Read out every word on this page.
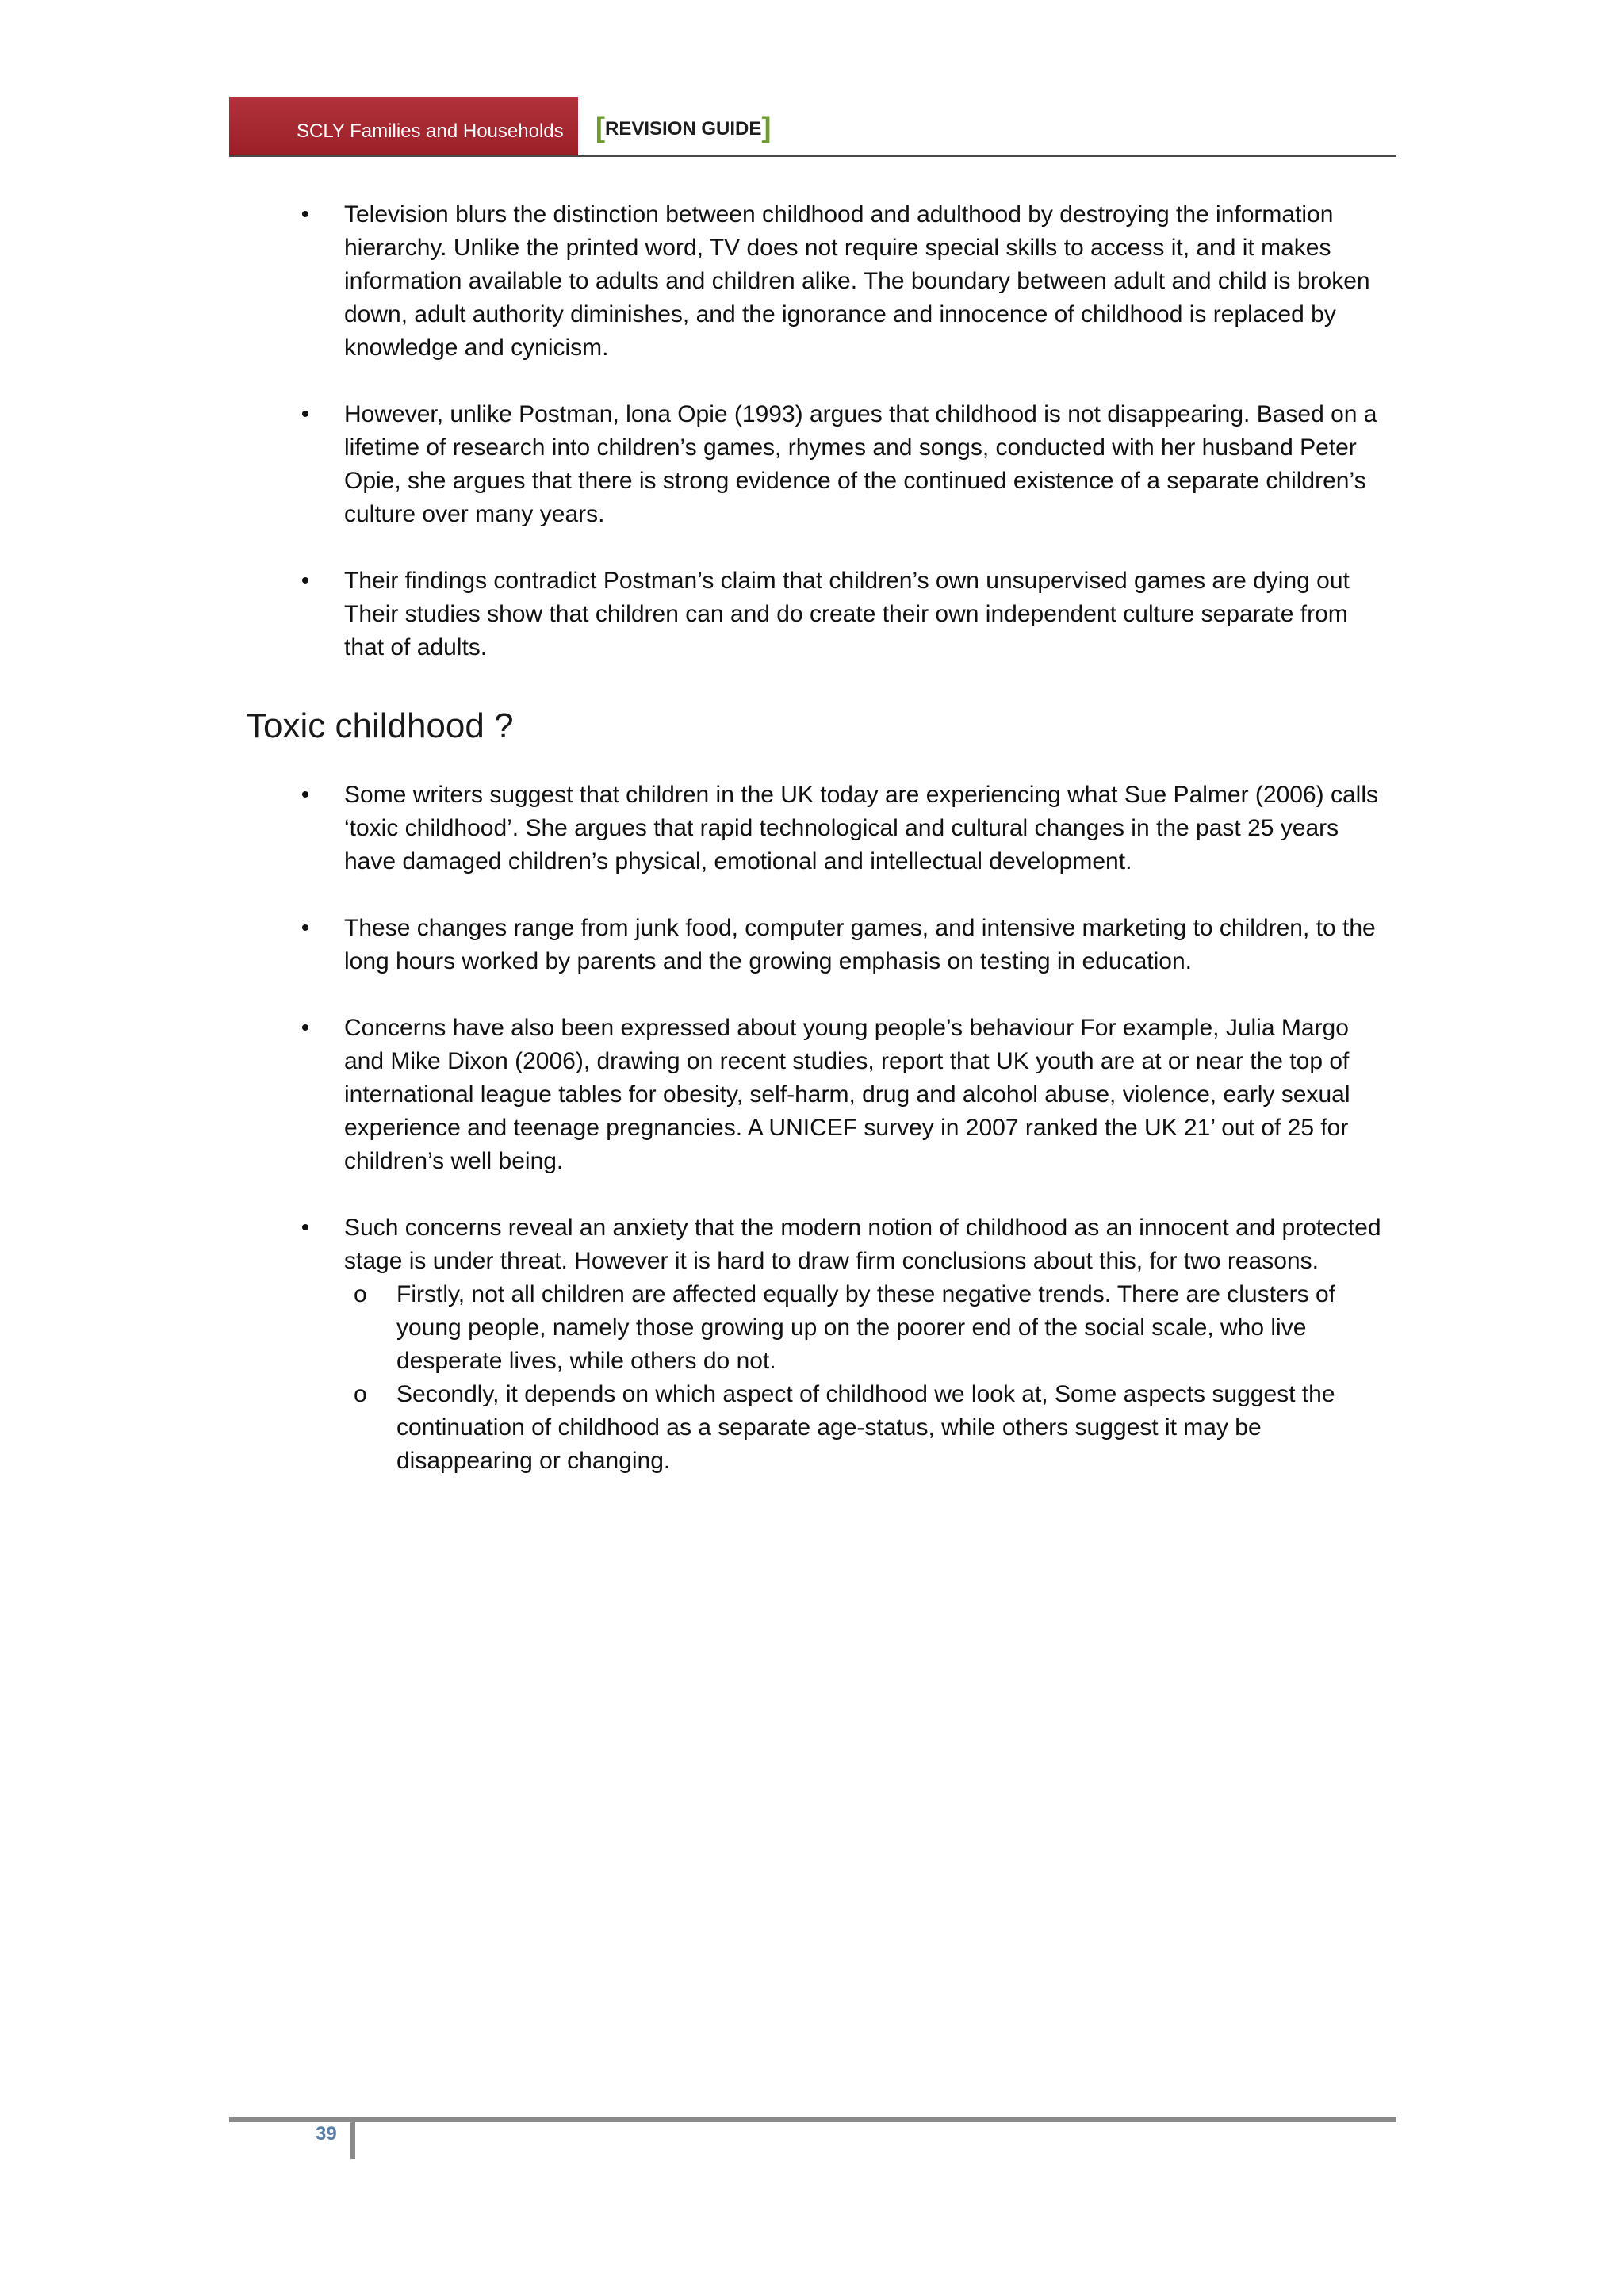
SCLY Families and Households [REVISION GUIDE]
•	Television blurs the distinction between childhood and adulthood by destroying the information hierarchy. Unlike the printed word, TV does not require special skills to access it, and it makes information available to adults and children alike. The boundary between adult and child is broken down, adult authority diminishes, and the ignorance and innocence of childhood is replaced by knowledge and cynicism.
•	However, unlike Postman, lona Opie (1993) argues that childhood is not disappearing. Based on a lifetime of research into children’s games, rhymes and songs, conducted with her husband Peter Opie, she argues that there is strong evidence of the continued existence of a separate children’s culture over many years.
•	Their findings contradict Postman’s claim that children’s own unsupervised games are dying out Their studies show that children can and do create their own independent culture separate from that of adults.
Toxic childhood ?
•	Some writers suggest that children in the UK today are experiencing what Sue Palmer (2006) calls ‘toxic childhood’. She argues that rapid technological and cultural changes in the past 25 years have damaged children’s physical, emotional and intellectual development.
•	These changes range from junk food, computer games, and intensive marketing to children, to the long hours worked by parents and the growing emphasis on testing in education.
•	Concerns have also been expressed about young people’s behaviour For example, Julia Margo and Mike Dixon (2006), drawing on recent studies, report that UK youth are at or near the top of international league tables for obesity, self-harm, drug and alcohol abuse, violence, early sexual experience and teenage pregnancies. A UNICEF survey in 2007 ranked the UK 21’ out of 25 for children’s well being.
•	Such concerns reveal an anxiety that the modern notion of childhood as an innocent and protected stage is under threat. However it is hard to draw firm conclusions about this, for two reasons.
o Firstly, not all children are affected equally by these negative trends. There are clusters of young people, namely those growing up on the poorer end of the social scale, who live desperate lives, while others do not.
o Secondly, it depends on which aspect of childhood we look at, Some aspects suggest the continuation of childhood as a separate age-status, while others suggest it may be disappearing or changing.
39
